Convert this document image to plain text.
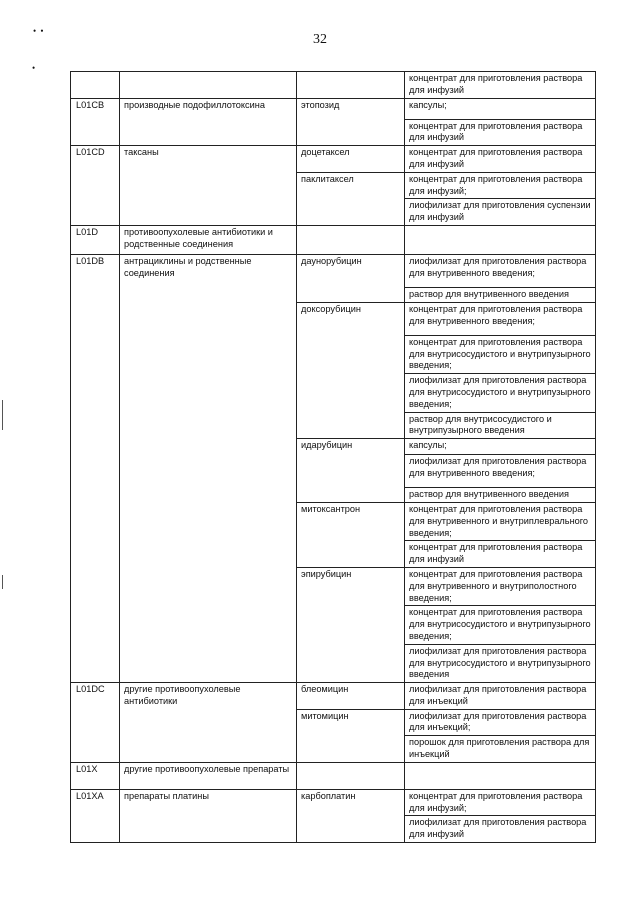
32
• •
•
			концентрат для приготовления раствора для инфузий
L01CB	производные подофиллотоксина	этопозид	капсулы;
			концентрат для приготовления раствора для инфузий
L01CD	таксаны	доцетаксел	концентрат для приготовления раствора для инфузий
		паклитаксел	концентрат для приготовления раствора для инфузий;
			лиофилизат для приготовления суспензии для инфузий
L01D	противоопухолевые антибиотики и родственные соединения		
L01DB	антрациклины и родственные соединения	даунорубицин	лиофилизат для приготовления раствора для внутривенного введения;
			раствор для внутривенного введения
		доксорубицин	концентрат для приготовления раствора для внутривенного введения;
			концентрат для приготовления раствора для внутрисосудистого и внутрипузырного введения;
			лиофилизат для приготовления раствора для внутрисосудистого и внутрипузырного введения;
			раствор для внутрисосудистого и внутрипузырного введения
		идарубицин	капсулы;
			лиофилизат для приготовления раствора для внутривенного введения;
			раствор для внутривенного введения
		митоксантрон	концентрат для приготовления раствора для внутривенного и внутриплеврального введения;
			концентрат для приготовления раствора для инфузий
		эпирубицин	концентрат для приготовления раствора для внутривенного и внутриполостного введения;
			концентрат для приготовления раствора для внутрисосудистого и внутрипузырного введения;
			лиофилизат для приготовления раствора для внутрисосудистого и внутрипузырного введения
L01DC	другие противоопухолевые антибиотики	блеомицин	лиофилизат для приготовления раствора для инъекций
		митомицин	лиофилизат для приготовления раствора для инъекций;
			порошок для приготовления раствора для инъекций
L01X	другие противоопухолевые препараты		
L01XA	препараты платины	карбоплатин	концентрат для приготовления раствора для инфузий;
			лиофилизат для приготовления раствора для инфузий
